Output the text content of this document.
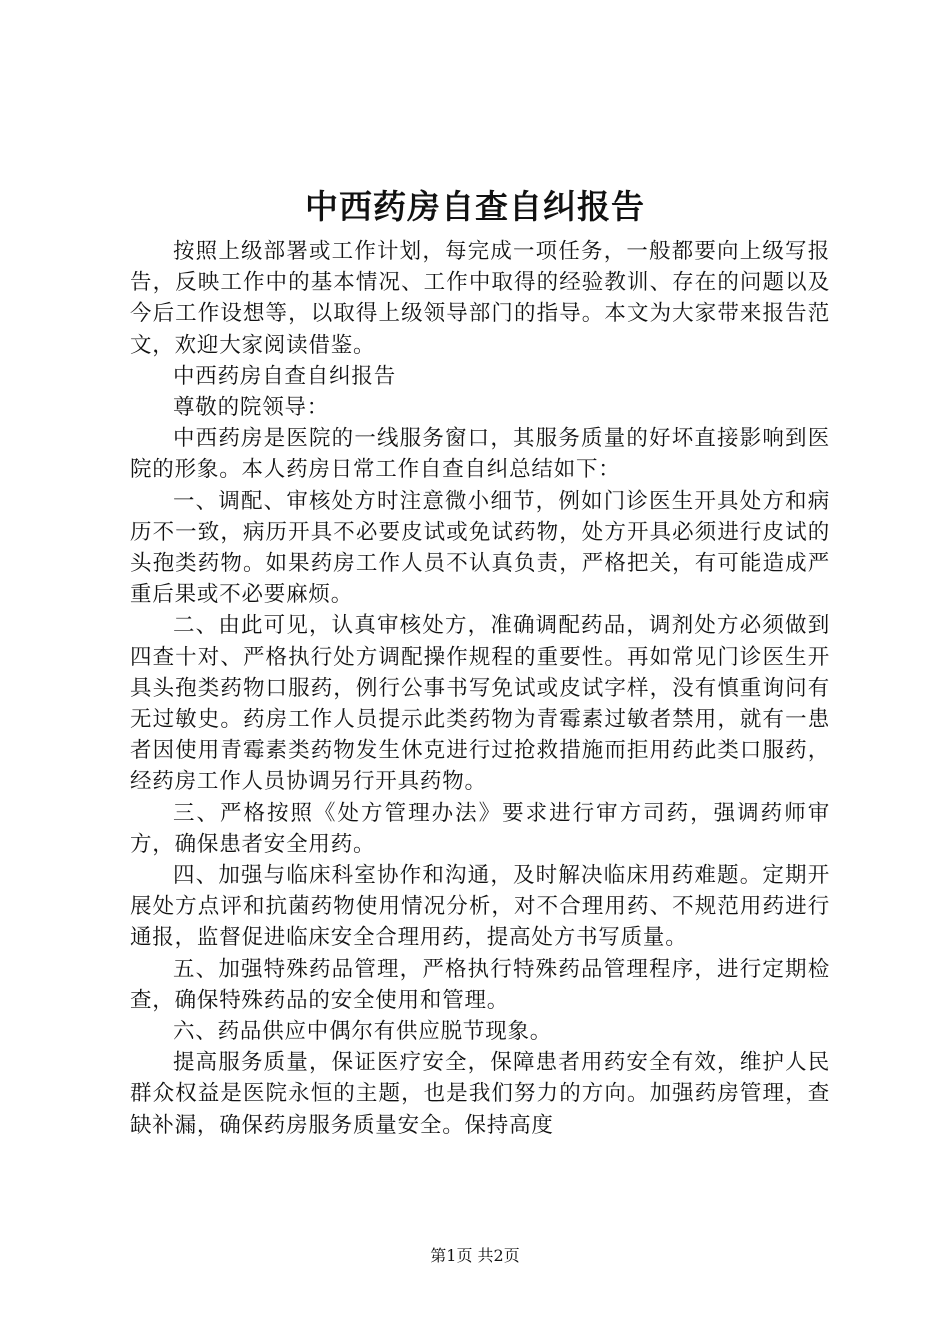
中西药房自查自纠报告

按照上级部署或工作计划，每完成一项任务，一般都要向上级写报告，反映工作中的基本情况、工作中取得的经验教训、存在的问题以及今后工作设想等，以取得上级领导部门的指导。本文为大家带来报告范文，欢迎大家阅读借鉴。

中西药房自查自纠报告

尊敬的院领导：

中西药房是医院的一线服务窗口，其服务质量的好坏直接影响到医院的形象。本人药房日常工作自查自纠总结如下：

一、调配、审核处方时注意微小细节，例如门诊医生开具处方和病历不一致，病历开具不必要皮试或免试药物，处方开具必须进行皮试的头孢类药物。如果药房工作人员不认真负责，严格把关，有可能造成严重后果或不必要麻烦。

二、由此可见，认真审核处方，准确调配药品，调剂处方必须做到四查十对、严格执行处方调配操作规程的重要性。再如常见门诊医生开具头孢类药物口服药，例行公事书写免试或皮试字样，没有慎重询问有无过敏史。药房工作人员提示此类药物为青霉素过敏者禁用，就有一患者因使用青霉素类药物发生休克进行过抢救措施而拒用药此类口服药，经药房工作人员协调另行开具药物。

三、严格按照《处方管理办法》要求进行审方司药，强调药师审方，确保患者安全用药。

四、加强与临床科室协作和沟通，及时解决临床用药难题。定期开展处方点评和抗菌药物使用情况分析，对不合理用药、不规范用药进行通报，监督促进临床安全合理用药，提高处方书写质量。

五、加强特殊药品管理，严格执行特殊药品管理程序，进行定期检查，确保特殊药品的安全使用和管理。

六、药品供应中偶尔有供应脱节现象。

提高服务质量，保证医疗安全，保障患者用药安全有效，维护人民群众权益是医院永恒的主题，也是我们努力的方向。加强药房管理，查缺补漏，确保药房服务质量安全。保持高度

第1页 共2页
